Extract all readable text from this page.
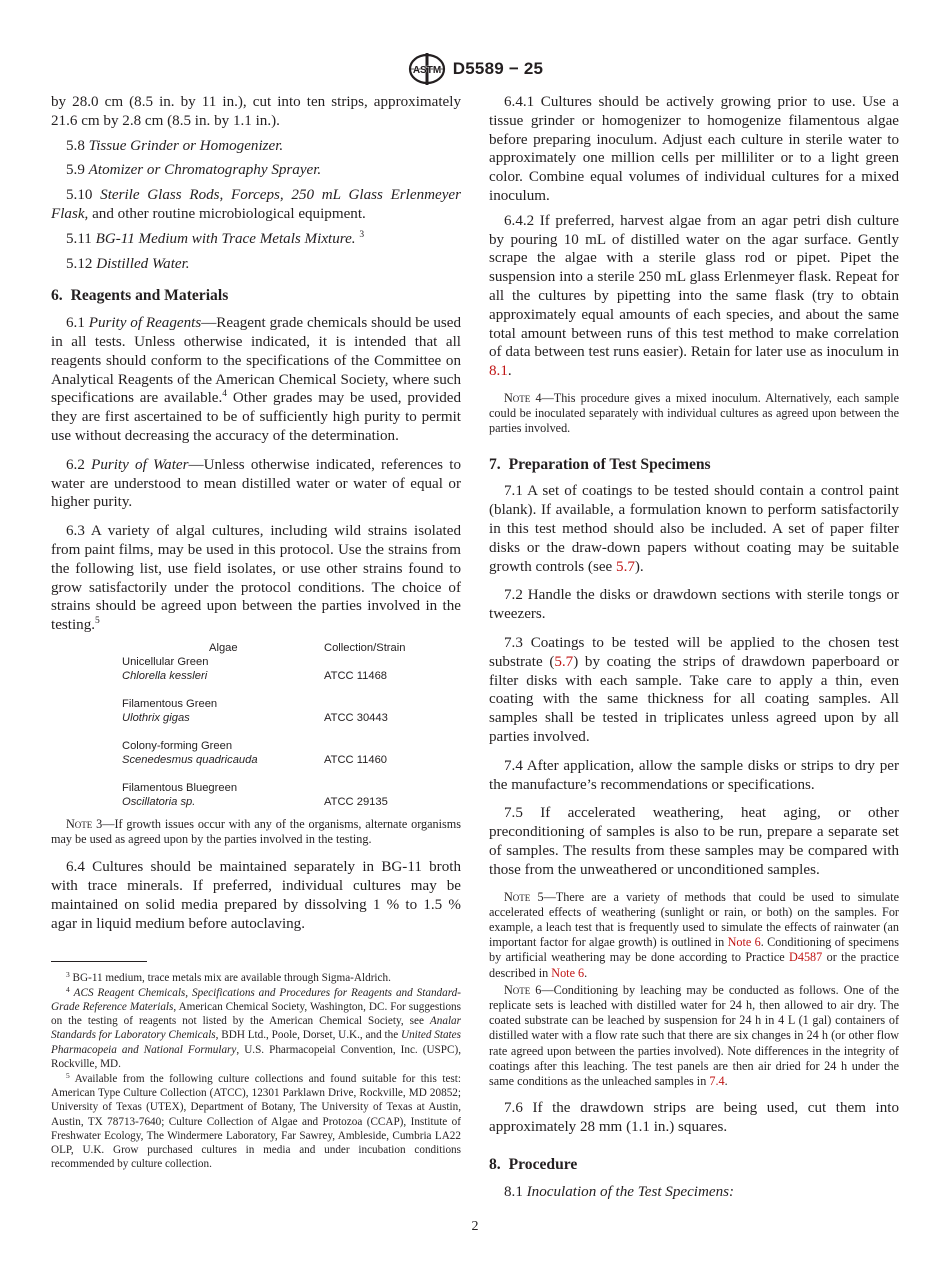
ASTM D5589 − 25

by 28.0 cm (8.5 in. by 11 in.), cut into ten strips, approximately 21.6 cm by 2.8 cm (8.5 in. by 1.1 in.).

5.8 Tissue Grinder or Homogenizer.

5.9 Atomizer or Chromatography Sprayer.

5.10 Sterile Glass Rods, Forceps, 250 mL Glass Erlenmeyer Flask, and other routine microbiological equipment.

5.11 BG-11 Medium with Trace Metals Mixture. $^3$

5.12 Distilled Water.

6. Reagents and Materials

6.1 Purity of Reagents—Reagent grade chemicals should be used in all tests. Unless otherwise indicated, it is intended that all reagents should conform to the specifications of the Committee on Analytical Reagents of the American Chemical Society, where such specifications are available.$^4$ Other grades may be used, provided they are first ascertained to be of sufficiently high purity to permit use without decreasing the accuracy of the determination.

6.2 Purity of Water—Unless otherwise indicated, references to water are understood to mean distilled water or water of equal or higher purity.

6.3 A variety of algal cultures, including wild strains isolated from paint films, may be used in this protocol. Use the strains from the following list, use field isolates, or use other strains found to grow satisfactorily under the protocol conditions. The choice of strains should be agreed upon between the parties involved in the testing.$^5$

Algae	Collection/Strain
Unicellular Green	
Chlorella kessleri	ATCC 11468

Filamentous Green	
Ulothrix gigas	ATCC 30443

Colony-forming Green	
Scenedesmus quadricauda	ATCC 11460

Filamentous Bluegreen	
Oscillatoria sp.	ATCC 29135

Note 3—If growth issues occur with any of the organisms, alternate organisms may be used as agreed upon by the parties involved in the testing.

6.4 Cultures should be maintained separately in BG-11 broth with trace minerals. If preferred, individual cultures may be maintained on solid media prepared by dissolving 1 % to 1.5 % agar in liquid medium before autoclaving.

$^3$ BG-11 medium, trace metals mix are available through Sigma-Aldrich.

$^4$ ACS Reagent Chemicals, Specifications and Procedures for Reagents and Standard-Grade Reference Materials, American Chemical Society, Washington, DC. For suggestions on the testing of reagents not listed by the American Chemical Society, see Analar Standards for Laboratory Chemicals, BDH Ltd., Poole, Dorset, U.K., and the United States Pharmacopeia and National Formulary, U.S. Pharmacopeial Convention, Inc. (USPC), Rockville, MD.

$^5$ Available from the following culture collections and found suitable for this test: American Type Culture Collection (ATCC), 12301 Parklawn Drive, Rockville, MD 20852; University of Texas (UTEX), Department of Botany, The University of Texas at Austin, Austin, TX 78713-7640; Culture Collection of Algae and Protozoa (CCAP), Institute of Freshwater Ecology, The Windermere Laboratory, Far Sawrey, Ambleside, Cumbria LA22 OLP, U.K. Grow purchased cultures in media and under incubation conditions recommended by culture collection.

6.4.1 Cultures should be actively growing prior to use. Use a tissue grinder or homogenizer to homogenize filamentous algae before preparing inoculum. Adjust each culture in sterile water to approximately one million cells per milliliter or to a light green color. Combine equal volumes of individual cultures for a mixed inoculum.

6.4.2 If preferred, harvest algae from an agar petri dish culture by pouring 10 mL of distilled water on the agar surface. Gently scrape the algae with a sterile glass rod or pipet. Pipet the suspension into a sterile 250 mL glass Erlenmeyer flask. Repeat for all the cultures by pipetting into the same flask (try to obtain approximately equal amounts of each species, and about the same total amount between runs of this test method to make correlation of data between test runs easier). Retain for later use as inoculum in 8.1.

Note 4—This procedure gives a mixed inoculum. Alternatively, each sample could be inoculated separately with individual cultures as agreed upon between the parties involved.

7. Preparation of Test Specimens

7.1 A set of coatings to be tested should contain a control paint (blank). If available, a formulation known to perform satisfactorily in this test method should also be included. A set of paper filter disks or the draw-down papers without coating may be suitable growth controls (see 5.7).

7.2 Handle the disks or drawdown sections with sterile tongs or tweezers.

7.3 Coatings to be tested will be applied to the chosen test substrate (5.7) by coating the strips of drawdown paperboard or filter disks with each sample. Take care to apply a thin, even coating with the same thickness for all coating samples. All samples shall be tested in triplicates unless agreed upon by all parties involved.

7.4 After application, allow the sample disks or strips to dry per the manufacture’s recommendations or specifications.

7.5 If accelerated weathering, heat aging, or other preconditioning of samples is also to be run, prepare a separate set of samples. The results from these samples may be compared with those from the unweathered or unconditioned samples.

Note 5—There are a variety of methods that could be used to simulate accelerated effects of weathering (sunlight or rain, or both) on the samples. For example, a leach test that is frequently used to simulate the effects of rainwater (an important factor for algae growth) is outlined in Note 6. Conditioning of specimens by artificial weathering may be done according to Practice D4587 or the practice described in Note 6.

Note 6—Conditioning by leaching may be conducted as follows. One of the replicate sets is leached with distilled water for 24 h, then allowed to air dry. The coated substrate can be leached by suspension for 24 h in 4 L (1 gal) containers of distilled water with a flow rate such that there are six changes in 24 h (or other flow rate agreed upon between the parties involved). Note differences in the integrity of coatings after this leaching. The test panels are then air dried for 24 h under the same conditions as the unleached samples in 7.4.

7.6 If the drawdown strips are being used, cut them into approximately 28 mm (1.1 in.) squares.

8. Procedure

8.1 Inoculation of the Test Specimens:

2
